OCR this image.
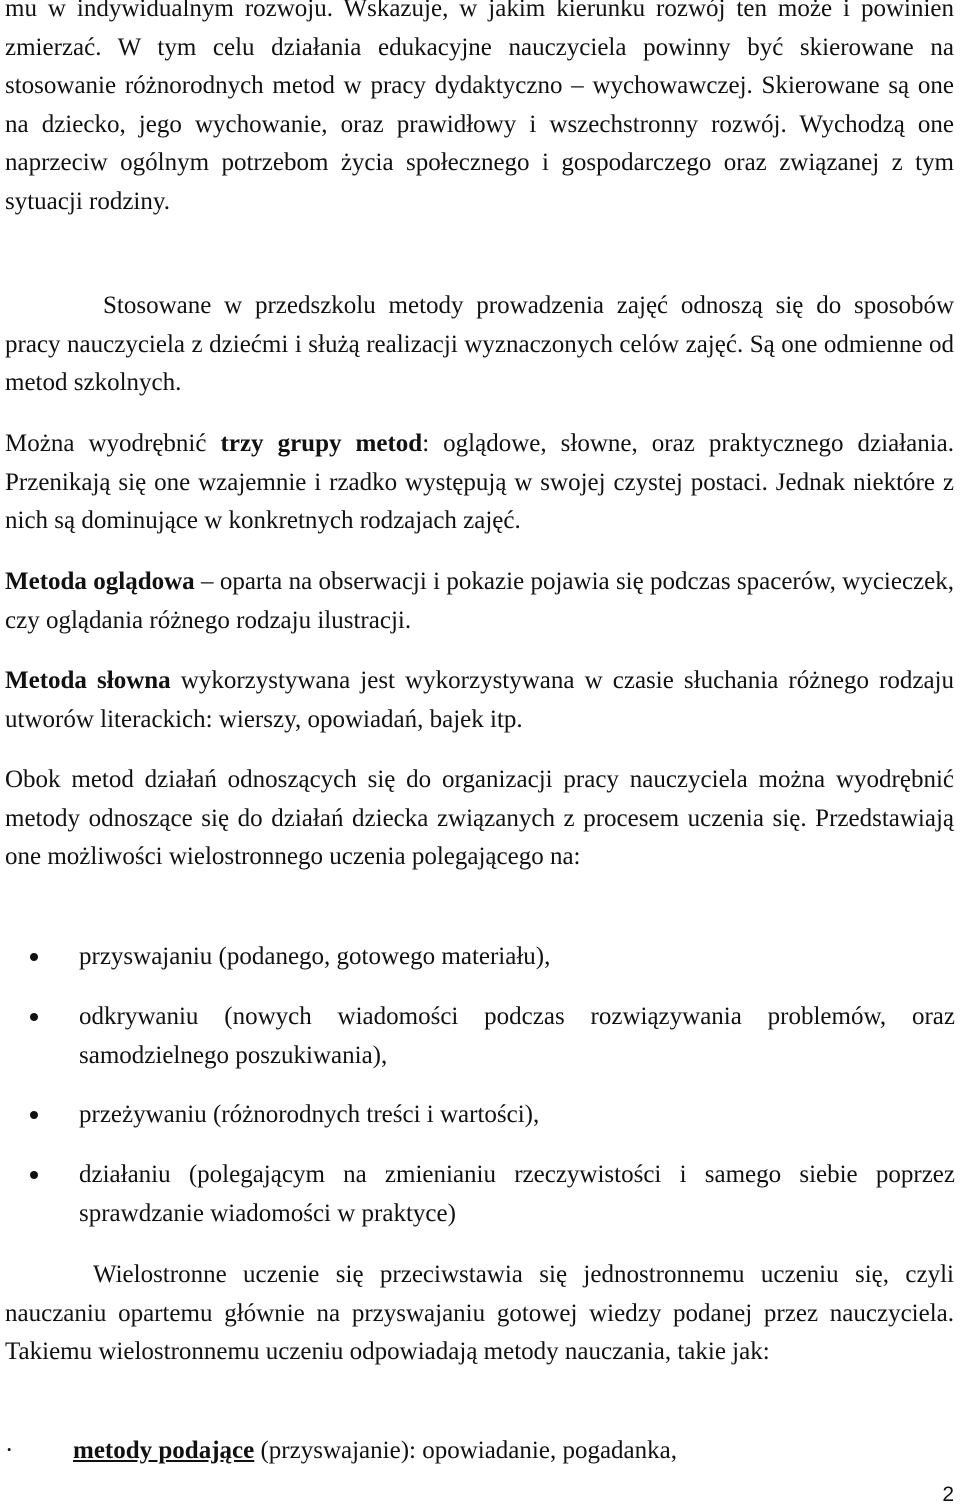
mu w indywidualnym rozwoju. Wskazuje, w jakim kierunku rozwój ten może i powinien zmierzać. W tym celu działania edukacyjne nauczyciela powinny być skierowane na stosowanie różnorodnych metod w pracy dydaktyczno – wychowawczej. Skierowane są one na dziecko, jego wychowanie, oraz prawidłowy i wszechstronny rozwój. Wychodzą one naprzeciw ogólnym potrzebom życia społecznego i gospodarczego oraz związanej z tym sytuacji rodziny.

Stosowane w przedszkolu metody prowadzenia zajęć odnoszą się do sposobów pracy nauczyciela z dziećmi i służą realizacji wyznaczonych celów zajęć. Są one odmienne od metod szkolnych.

Można wyodrębnić trzy grupy metod: oglądowe, słowne, oraz praktycznego działania. Przenikają się one wzajemnie i rzadko występują w swojej czystej postaci. Jednak niektóre z nich są dominujące w konkretnych rodzajach zajęć.

Metoda oglądowa – oparta na obserwacji i pokazie pojawia się podczas spacerów, wycieczek, czy oglądania różnego rodzaju ilustracji.

Metoda słowna wykorzystywana jest wykorzystywana w czasie słuchania różnego rodzaju utworów literackich: wierszy, opowiadań, bajek itp.

Obok metod działań odnoszących się do organizacji pracy nauczyciela można wyodrębnić metody odnoszące się do działań dziecka związanych z procesem uczenia się. Przedstawiają one możliwości wielostronnego uczenia polegającego na:

przyswajaniu (podanego, gotowego materiału),
odkrywaniu (nowych wiadomości podczas rozwiązywania problemów, oraz samodzielnego poszukiwania),
przeżywaniu (różnorodnych treści i wartości),
działaniu (polegającym na zmienianiu rzeczywistości i samego siebie poprzez sprawdzanie wiadomości w praktyce)

Wielostronne uczenie się przeciwstawia się jednostronnemu uczeniu się, czyli nauczaniu opartemu głównie na przyswajaniu gotowej wiedzy podanej przez nauczyciela. Takiemu wielostronnemu uczeniu odpowiadają metody nauczania, takie jak:

· metody podające (przyswajanie): opowiadanie, pogadanka,
2
